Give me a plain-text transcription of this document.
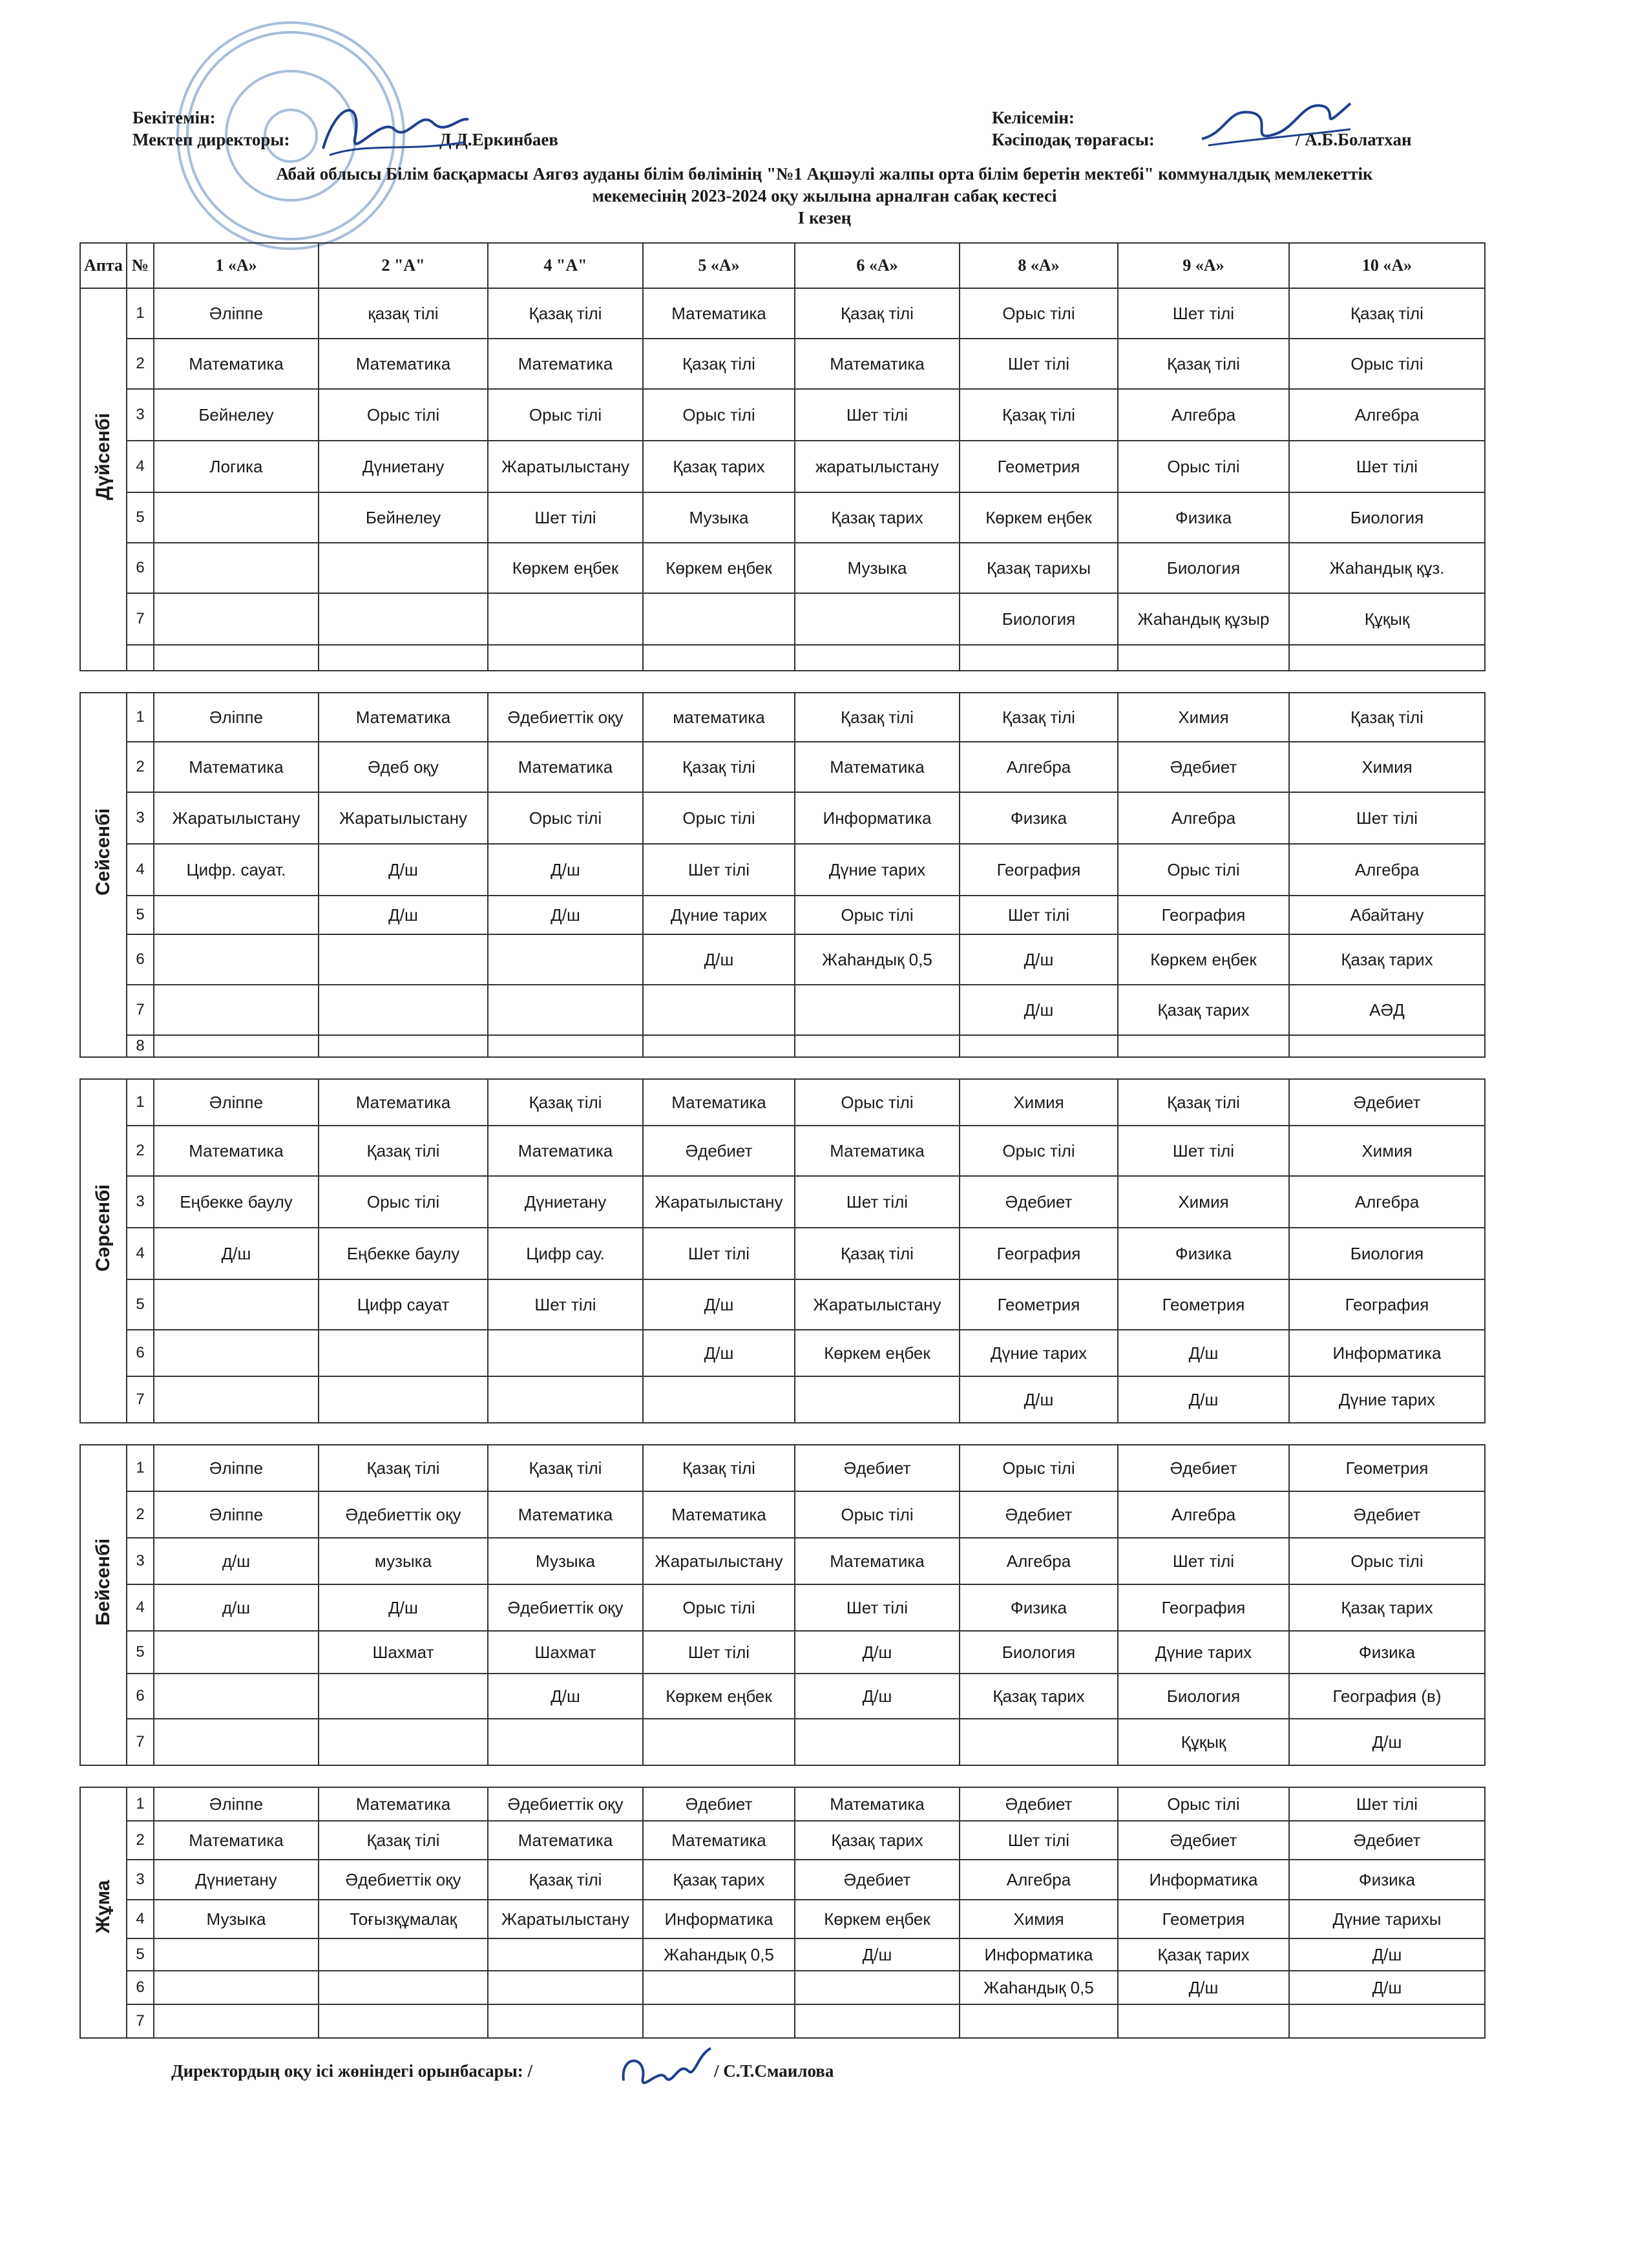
Бекітемін:
Мектеп директоры:	Д.Д.Еркинбаев
Келісемін:
Кәсіподақ төрағасы:	/ А.Б.Болатхан
Абай облысы Білім басқармасы Аягөз ауданы білім бөлімінің "№1 Ақшәулі жалпы орта білім беретін мектебі" коммуналдық мемлекеттік
мекемесінің 2023-2024 оқу жылына арналған сабақ кестесі
І кезең
Апта	№	1 «А»	2 "А"	4 "А"	5 «А»	6 «А»	8 «А»	9 «А»	10 «А»

Дүйсенбі	1	Әліппе	қазақ тілі	Қазақ тілі	Математика	Қазақ тілі	Орыс тілі	Шет тілі	Қазақ тілі
	2	Математика	Математика	Математика	Қазақ тілі	Математика	Шет тілі	Қазақ тілі	Орыс тілі
	3	Бейнелеу	Орыс тілі	Орыс тілі	Орыс тілі	Шет тілі	Қазақ тілі	Алгебра	Алгебра
	4	Логика	Дүниетану	Жаратылыстану	Қазақ тарих	жаратылыстану	Геометрия	Орыс тілі	Шет тілі
	5		Бейнелеу	Шет тілі	Музыка	Қазақ тарих	Көркем еңбек	Физика	Биология
	6			Көркем еңбек	Көркем еңбек	Музыка	Қазақ тарихы	Биология	Жаһандық құз.
	7						Биология	Жаһандық құзыр	Құқық

Сейсенбі	1	Әліппе	Математика	Әдебиеттік оқу	математика	Қазақ тілі	Қазақ тілі	Химия	Қазақ тілі
	2	Математика	Әдеб оқу	Математика	Қазақ тілі	Математика	Алгебра	Әдебиет	Химия
	3	Жаратылыстану	Жаратылыстану	Орыс тілі	Орыс тілі	Информатика	Физика	Алгебра	Шет тілі
	4	Цифр. сауат.	Д/ш	Д/ш	Шет тілі	Дүние тарих	География	Орыс тілі	Алгебра
	5		Д/ш	Д/ш	Дүние тарих	Орыс тілі	Шет тілі	География	Абайтану
	6				Д/ш	Жаһандық 0,5	Д/ш	Көркем еңбек	Қазақ тарих
	7						Д/ш	Қазақ тарих	АӘД
	8								

Сәрсенбі	1	Әліппе	Математика	Қазақ тілі	Математика	Орыс тілі	Химия	Қазақ тілі	Әдебиет
	2	Математика	Қазақ тілі	Математика	Әдебиет	Математика	Орыс тілі	Шет тілі	Химия
	3	Еңбекке баулу	Орыс тілі	Дүниетану	Жаратылыстану	Шет тілі	Әдебиет	Химия	Алгебра
	4	Д/ш	Еңбекке баулу	Цифр сау.	Шет тілі	Қазақ тілі	География	Физика	Биология
	5		Цифр сауат	Шет тілі	Д/ш	Жаратылыстану	Геометрия	Геометрия	География
	6				Д/ш	Көркем еңбек	Дүние тарих	Д/ш	Информатика
	7						Д/ш	Д/ш	Дүние тарих

Бейсенбі	1	Әліппе	Қазақ тілі	Қазақ тілі	Қазақ тілі	Әдебиет	Орыс тілі	Әдебиет	Геометрия
	2	Әліппе	Әдебиеттік оқу	Математика	Математика	Орыс тілі	Әдебиет	Алгебра	Әдебиет
	3	д/ш	музыка	Музыка	Жаратылыстану	Математика	Алгебра	Шет тілі	Орыс тілі
	4	д/ш	Д/ш	Әдебиеттік оқу	Орыс тілі	Шет тілі	Физика	География	Қазақ тарих
	5		Шахмат	Шахмат	Шет тілі	Д/ш	Биология	Дүние тарих	Физика
	6			Д/ш	Көркем еңбек	Д/ш	Қазақ тарих	Биология	География (в)
	7							Құқық	Д/ш

Жұма	1	Әліппе	Математика	Әдебиеттік оқу	Әдебиет	Математика	Әдебиет	Орыс тілі	Шет тілі
	2	Математика	Қазақ тілі	Математика	Математика	Қазақ тарих	Шет тілі	Әдебиет	Әдебиет
	3	Дүниетану	Әдебиеттік оқу	Қазақ тілі	Қазақ тарих	Әдебиет	Алгебра	Информатика	Физика
	4	Музыка	Тоғызқұмалақ	Жаратылыстану	Информатика	Көркем еңбек	Химия	Геометрия	Дүние тарихы
	5				Жаһандық 0,5	Д/ш	Информатика	Қазақ тарих	Д/ш
	6						Жаһандық 0,5	Д/ш	Д/ш
	7								
Директордың оқу ісі жөніндегі орынбасары: /	/ С.Т.Смаилова
